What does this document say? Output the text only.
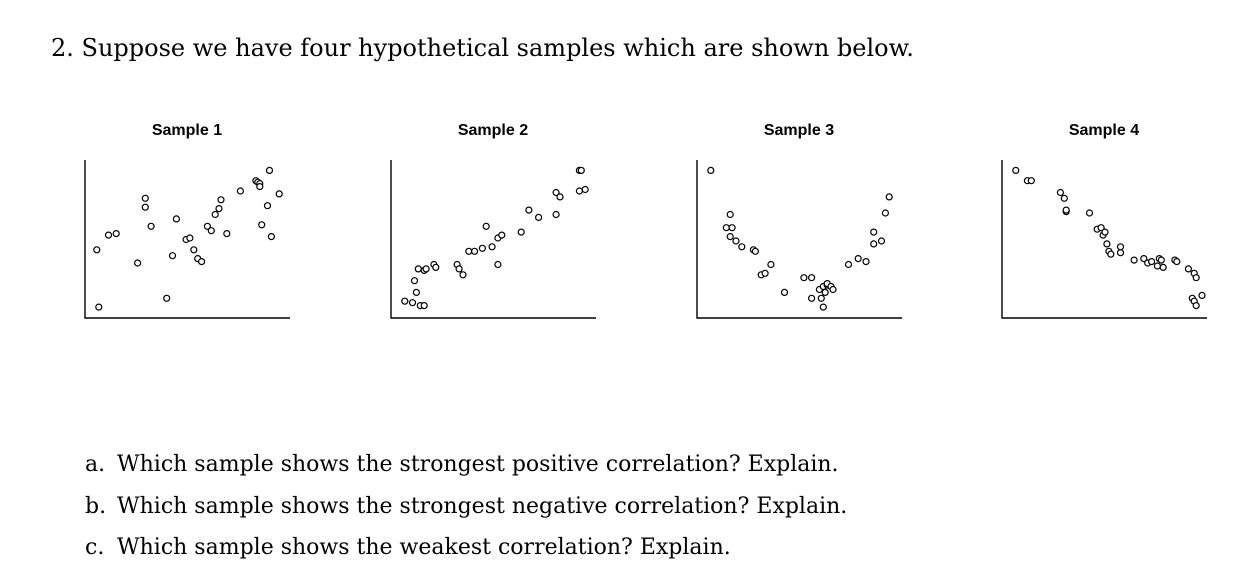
2. Suppose we have four hypothetical samples which are shown below.
Sample 1	Sample 2	Sample 3	Sample 4
a. Which sample shows the strongest positive correlation? Explain.
b. Which sample shows the strongest negative correlation? Explain.
c. Which sample shows the weakest correlation? Explain.
